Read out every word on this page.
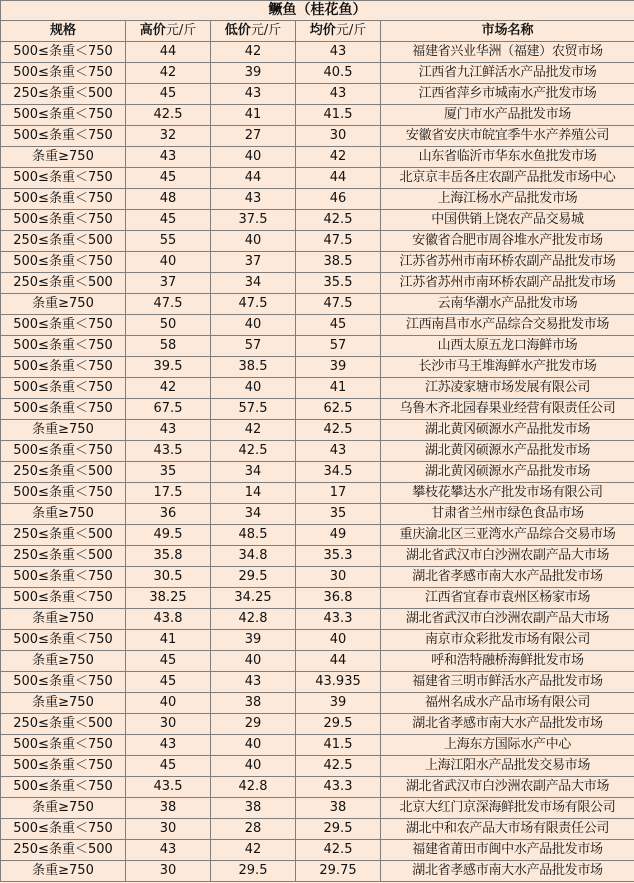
鳜鱼（桂花鱼）				
规格	高价元/斤	低价元/斤	均价元/斤	市场名称
500≤条重＜750	44	42	43	福建省兴业华洲（福建）农贸市场
500≤条重＜750	42	39	40.5	江西省九江鲜活水产品批发市场
250≤条重＜500	45	43	43	江西省萍乡市城南水产批发市场
500≤条重＜750	42.5	41	41.5	厦门市水产品批发市场
500≤条重＜750	32	27	30	安徽省安庆市皖宜季牛水产养殖公司
条重≥750	43	40	42	山东省临沂市华东水鱼批发市场
500≤条重＜750	45	44	44	北京京丰岳各庄农副产品批发市场中心
500≤条重＜750	48	43	46	上海江杨水产品批发市场
500≤条重＜750	45	37.5	42.5	中国供销上饶农产品交易城
250≤条重＜500	55	40	47.5	安徽省合肥市周谷堆水产批发市场
500≤条重＜750	40	37	38.5	江苏省苏州市南环桥农副产品批发市场
250≤条重＜500	37	34	35.5	江苏省苏州市南环桥农副产品批发市场
条重≥750	47.5	47.5	47.5	云南华潮水产品批发市场
500≤条重＜750	50	40	45	江西南昌市水产品综合交易批发市场
500≤条重＜750	58	57	57	山西太原五龙口海鲜市场
500≤条重＜750	39.5	38.5	39	长沙市马王堆海鲜水产批发市场
500≤条重＜750	42	40	41	江苏凌家塘市场发展有限公司
500≤条重＜750	67.5	57.5	62.5	乌鲁木齐北园春果业经营有限责任公司
条重≥750	43	42	42.5	湖北黄冈硕源水产品批发市场
500≤条重＜750	43.5	42.5	43	湖北黄冈硕源水产品批发市场
250≤条重＜500	35	34	34.5	湖北黄冈硕源水产品批发市场
500≤条重＜750	17.5	14	17	攀枝花攀达水产批发市场有限公司
条重≥750	36	34	35	甘肃省兰州市绿色食品市场
250≤条重＜500	49.5	48.5	49	重庆渝北区三亚湾水产品综合交易市场
250≤条重＜500	35.8	34.8	35.3	湖北省武汉市白沙洲农副产品大市场
500≤条重＜750	30.5	29.5	30	湖北省孝感市南大水产品批发市场
500≤条重＜750	38.25	34.25	36.8	江西省宜春市袁州区杨家市场
条重≥750	43.8	42.8	43.3	湖北省武汉市白沙洲农副产品大市场
500≤条重＜750	41	39	40	南京市众彩批发市场有限公司
条重≥750	45	40	44	呼和浩特融桥海鲜批发市场
500≤条重＜750	45	43	43.935	福建省三明市鲜活水产品批发市场
条重≥750	40	38	39	福州名成水产品市场有限公司
250≤条重＜500	30	29	29.5	湖北省孝感市南大水产品批发市场
500≤条重＜750	43	40	41.5	上海东方国际水产中心
500≤条重＜750	45	40	42.5	上海江阳水产品批发交易市场
500≤条重＜750	43.5	42.8	43.3	湖北省武汉市白沙洲农副产品大市场
条重≥750	38	38	38	北京大红门京深海鲜批发市场有限公司
500≤条重＜750	30	28	29.5	湖北中和农产品大市场有限责任公司
250≤条重＜500	43	42	42.5	福建省莆田市闽中水产品批发市场
条重≥750	30	29.5	29.75	湖北省孝感市南大水产品批发市场
